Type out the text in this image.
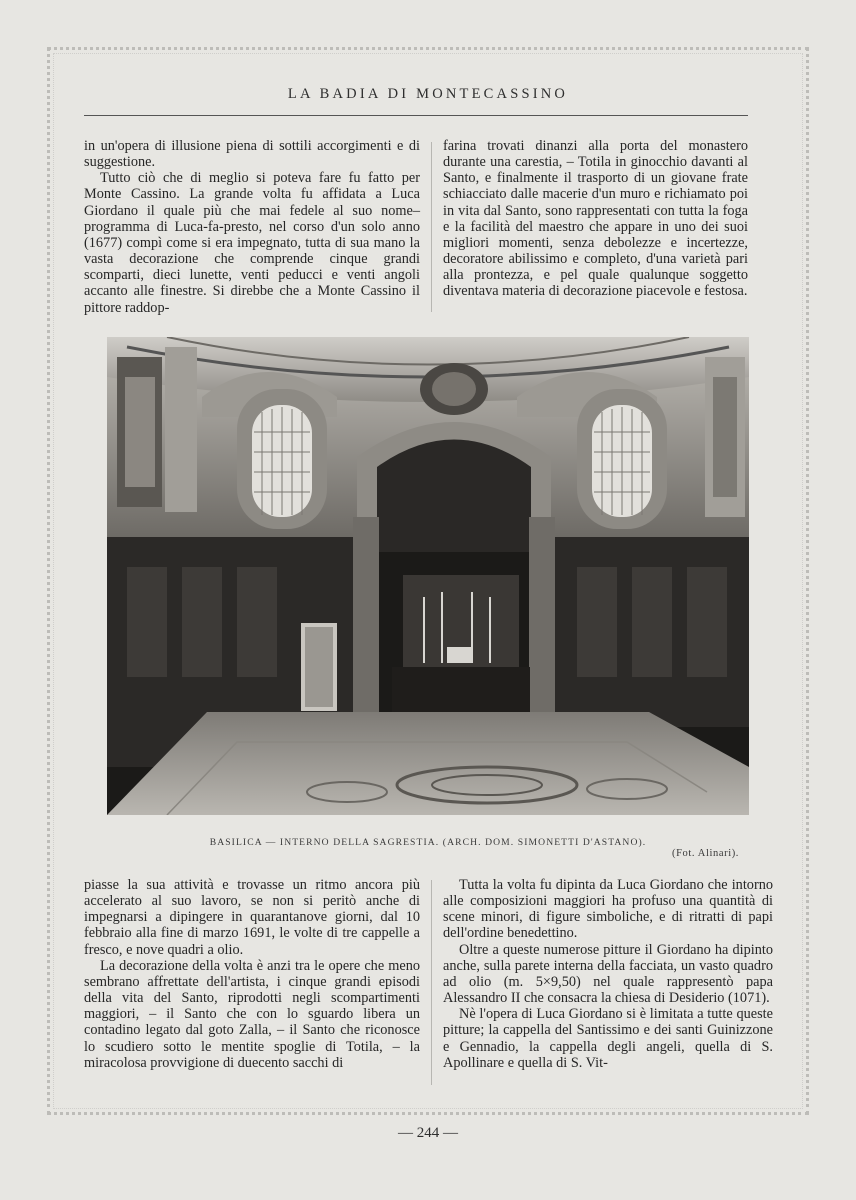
LA BADIA DI MONTECASSINO

in un'opera di illusione piena di sottili accorgimenti e di suggestione.

Tutto ciò che di meglio si poteva fare fu fatto per Monte Cassino. La grande volta fu affidata a Luca Giordano il quale più che mai fedele al suo nome–programma di Luca-fa-presto, nel corso d'un solo anno (1677) compì come si era impegnato, tutta di sua mano la vasta decorazione che comprende cinque grandi scomparti, dieci lunette, venti peducci e venti angoli accanto alle finestre. Si direbbe che a Monte Cassino il pittore raddop-

farina trovati dinanzi alla porta del monastero durante una carestia, – Totila in ginocchio davanti al Santo, e finalmente il trasporto di un giovane frate schiacciato dalle macerie d'un muro e richiamato poi in vita dal Santo, sono rappresentati con tutta la foga e la facilità del maestro che appare in uno dei suoi migliori momenti, senza debolezze e incertezze, decoratore abilissimo e completo, d'una varietà pari alla prontezza, e pel quale qualunque soggetto diventava materia di decorazione piacevole e festosa.

BASILICA — INTERNO DELLA SAGRESTIA. (ARCH. DOM. SIMONETTI D'ASTANO).
(Fot. Alinari).

piasse la sua attività e trovasse un ritmo ancora più accelerato al suo lavoro, se non si peritò anche di impegnarsi a dipingere in quarantanove giorni, dal 10 febbraio alla fine di marzo 1691, le volte di tre cappelle a fresco, e nove quadri a olio.

La decorazione della volta è anzi tra le opere che meno sembrano affrettate dell'artista, i cinque grandi episodi della vita del Santo, riprodotti negli scompartimenti maggiori, – il Santo che con lo sguardo libera un contadino legato dal goto Zalla, – il Santo che riconosce lo scudiero sotto le mentite spoglie di Totila, – la miracolosa provvigione di duecento sacchi di

Tutta la volta fu dipinta da Luca Giordano che intorno alle composizioni maggiori ha profuso una quantità di scene minori, di figure simboliche, e di ritratti di papi dell'ordine benedettino.

Oltre a queste numerose pitture il Giordano ha dipinto anche, sulla parete interna della facciata, un vasto quadro ad olio (m. 5×9,50) nel quale rappresentò papa Alessandro II che consacra la chiesa di Desiderio (1071).

Nè l'opera di Luca Giordano si è limitata a tutte queste pitture; la cappella del Santissimo e dei santi Guinizzone e Gennadio, la cappella degli angeli, quella di S. Apollinare e quella di S. Vit-

— 244 —
